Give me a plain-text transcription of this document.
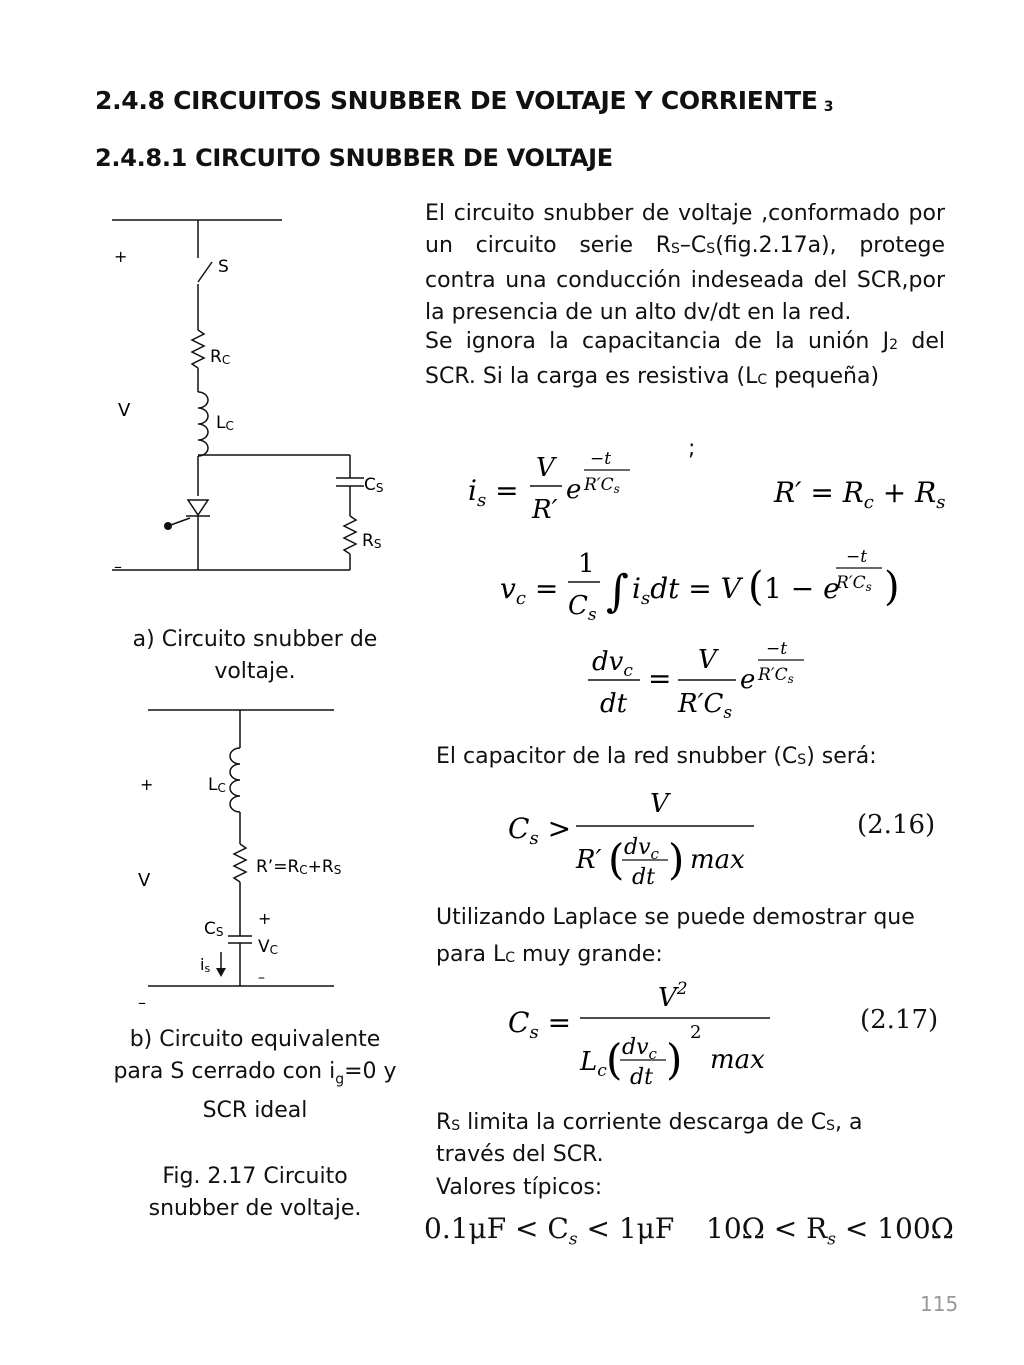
2.4.8 CIRCUITOS SNUBBER DE VOLTAJE Y CORRIENTE $_3$
2.4.8.1 CIRCUITO SNUBBER DE VOLTAJE
+
–
V
S
RC
LC
CS
RS
a) Circuito snubber de voltaje.
+
V
–
LC
R’=RC+RS
CS
is
+
VC
–
b) Circuito equivalente para S cerrado con $i_g=0$ y SCR ideal
Fig. 2.17 Circuito snubber de voltaje.
El circuito snubber de voltaje ,conformado por un circuito serie $R_S-C_S(fig.2.17a)$, protege contra una conducción indeseada del SCR,por la presencia de un alto dv/dt en la red.
Se ignora la capacitancia de la unión $J_2$ del SCR. Si la carga es resistiva ($L_C$ pequeña)
;
$i_s$ =
V
R′
e
−t
R′Cs	$R' = R_c + R_s$
$v_c$ =
1
$C_s$ ∫ $i_sdt = V$ ( 1 − e
−t
R′Cs )
$dv_c$
dt
=
V
$R'C_s$
e
−t
R′Cs
El capacitor de la red snubber $(C_S)$ será:
$C_s$ >
V
R′ ( $dv_c$
dt ) max
(2.16)
Utilizando Laplace se puede demostrar que
para $L_C$ muy grande:
$C_s$ =
$V^2$
$L_c$ ( $dv_c$
dt )
2
max
(2.17)
$R_S$ limita la corriente descarga de $C_S$, a
través del SCR.
Valores típicos:
$0.1\mu F < C_s < 1\mu F$ $10\Omega < R_s < 100\Omega$
115
